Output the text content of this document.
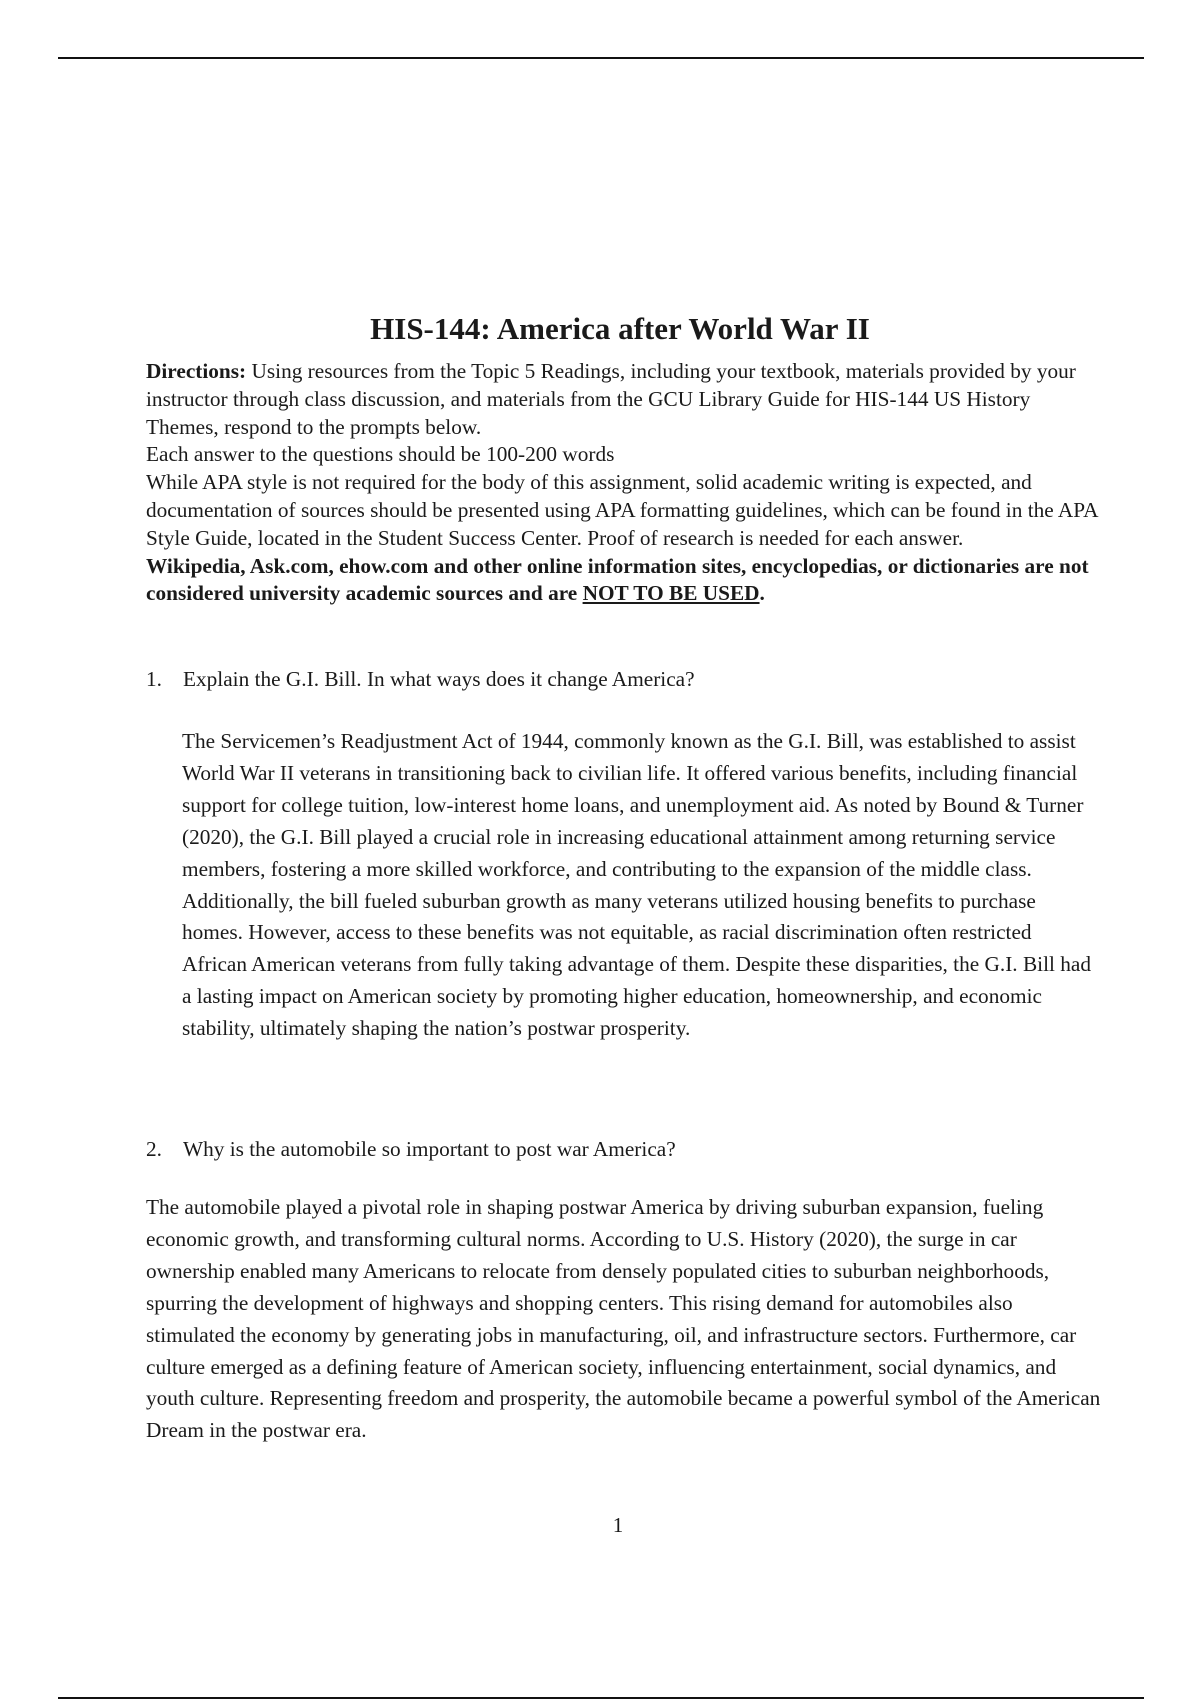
HIS-144: America after World War II

Directions: Using resources from the Topic 5 Readings, including your textbook, materials provided by your instructor through class discussion, and materials from the GCU Library Guide for HIS-144 US History Themes, respond to the prompts below.

Each answer to the questions should be 100-200 words

While APA style is not required for the body of this assignment, solid academic writing is expected, and documentation of sources should be presented using APA formatting guidelines, which can be found in the APA Style Guide, located in the Student Success Center. Proof of research is needed for each answer.

Wikipedia, Ask.com, ehow.com and other online information sites, encyclopedias, or dictionaries are not considered university academic sources and are NOT TO BE USED.

1. Explain the G.I. Bill. In what ways does it change America?

The Servicemen’s Readjustment Act of 1944, commonly known as the G.I. Bill, was established to assist World War II veterans in transitioning back to civilian life. It offered various benefits, including financial support for college tuition, low-interest home loans, and unemployment aid. As noted by Bound & Turner (2020), the G.I. Bill played a crucial role in increasing educational attainment among returning service members, fostering a more skilled workforce, and contributing to the expansion of the middle class. Additionally, the bill fueled suburban growth as many veterans utilized housing benefits to purchase homes. However, access to these benefits was not equitable, as racial discrimination often restricted African American veterans from fully taking advantage of them. Despite these disparities, the G.I. Bill had a lasting impact on American society by promoting higher education, homeownership, and economic stability, ultimately shaping the nation’s postwar prosperity.

2. Why is the automobile so important to post war America?

The automobile played a pivotal role in shaping postwar America by driving suburban expansion, fueling economic growth, and transforming cultural norms. According to U.S. History (2020), the surge in car ownership enabled many Americans to relocate from densely populated cities to suburban neighborhoods, spurring the development of highways and shopping centers. This rising demand for automobiles also stimulated the economy by generating jobs in manufacturing, oil, and infrastructure sectors. Furthermore, car culture emerged as a defining feature of American society, influencing entertainment, social dynamics, and youth culture. Representing freedom and prosperity, the automobile became a powerful symbol of the American Dream in the postwar era.

1
